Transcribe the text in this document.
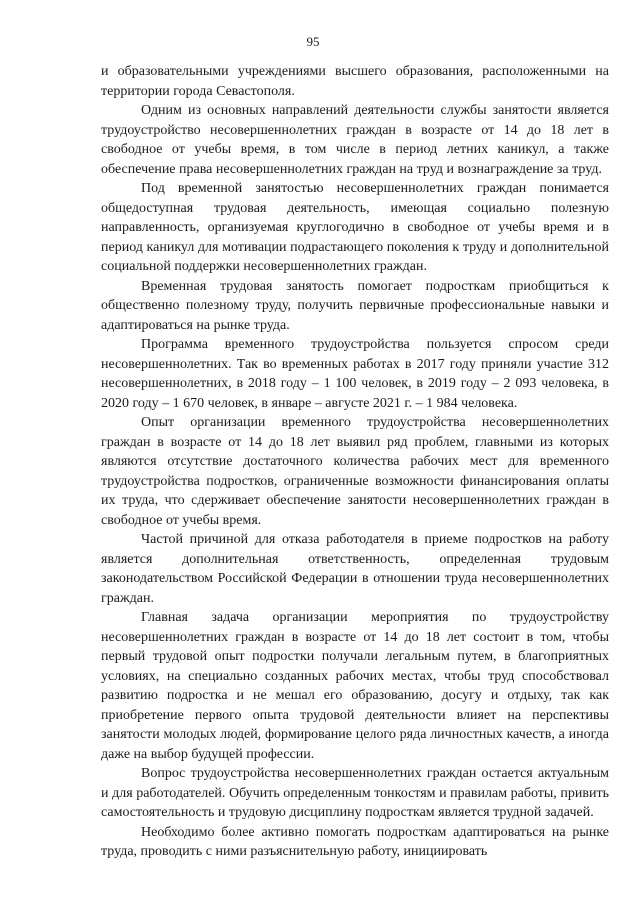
95

и образовательными учреждениями высшего образования, расположенными на территории города Севастополя.

Одним из основных направлений деятельности службы занятости является трудоустройство несовершеннолетних граждан в возрасте от 14 до 18 лет в свободное от учебы время, в том числе в период летних каникул, а также обеспечение права несовершеннолетних граждан на труд и вознаграждение за труд.

Под временной занятостью несовершеннолетних граждан понимается общедоступная трудовая деятельность, имеющая социально полезную направленность, организуемая круглогодично в свободное от учебы время и в период каникул для мотивации подрастающего поколения к труду и дополнительной социальной поддержки несовершеннолетних граждан.

Временная трудовая занятость помогает подросткам приобщиться к общественно полезному труду, получить первичные профессиональные навыки и адаптироваться на рынке труда.

Программа временного трудоустройства пользуется спросом среди несовершеннолетних. Так во временных работах в 2017 году приняли участие 312 несовершеннолетних, в 2018 году – 1 100 человек, в 2019 году – 2 093 человека, в 2020 году – 1 670 человек, в январе – августе 2021 г. – 1 984 человека.

Опыт организации временного трудоустройства несовершеннолетних граждан в возрасте от 14 до 18 лет выявил ряд проблем, главными из которых являются отсутствие достаточного количества рабочих мест для временного трудоустройства подростков, ограниченные возможности финансирования оплаты их труда, что сдерживает обеспечение занятости несовершеннолетних граждан в свободное от учебы время.

Частой причиной для отказа работодателя в приеме подростков на работу является дополнительная ответственность, определенная трудовым законодательством Российской Федерации в отношении труда несовершеннолетних граждан.

Главная задача организации мероприятия по трудоустройству несовершеннолетних граждан в возрасте от 14 до 18 лет состоит в том, чтобы первый трудовой опыт подростки получали легальным путем, в благоприятных условиях, на специально созданных рабочих местах, чтобы труд способствовал развитию подростка и не мешал его образованию, досугу и отдыху, так как приобретение первого опыта трудовой деятельности влияет на перспективы занятости молодых людей, формирование целого ряда личностных качеств, а иногда даже на выбор будущей профессии.

Вопрос трудоустройства несовершеннолетних граждан остается актуальным и для работодателей. Обучить определенным тонкостям и правилам работы, привить самостоятельность и трудовую дисциплину подросткам является трудной задачей.

Необходимо более активно помогать подросткам адаптироваться на рынке труда, проводить с ними разъяснительную работу, инициировать
